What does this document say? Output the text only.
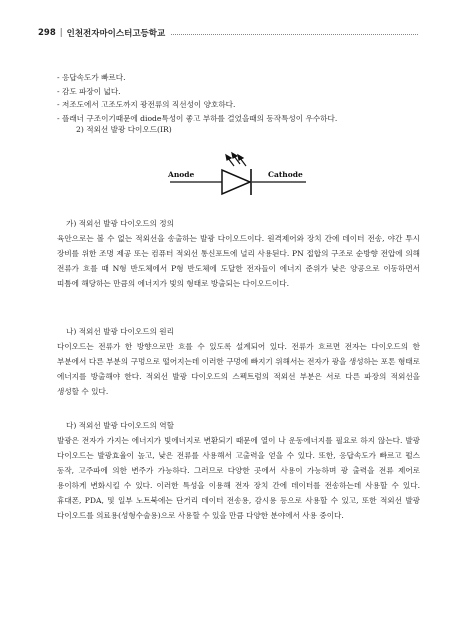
298 | 인천전자마이스터고등학교
- 응답속도가 빠르다.
- 감도 파장이 넓다.
- 저조도에서 고조도까지 광전류의 직선성이 양호하다.
- 플래너 구조이기때문에 diode특성이 좋고 부하를 걸었을때의 동작특성이 우수하다.
2) 적외선 발광 다이오드(IR)
Anode	Cathode
가) 적외선 발광 다이오드의 정의
육안으로는 볼 수 없는 적외선을 송출하는 발광 다이오드이다. 원격제어와 장치 간에 데이터 전송, 야간 투시 장비를 위한 조명 제공 또는 컴퓨터 적외선 통신포트에 널리 사용된다. PN 접합의 구조로 순방향 전압에 의해 전류가 흐를 때 N형 반도체에서 P형 반도체에 도달한 전자들이 에너지 준위가 낮은 양공으로 이동하면서 띠틈에 해당하는 만큼의 에너지가 빛의 형태로 방출되는 다이오드이다.
나) 적외선 발광 다이오드의 원리
다이오드는 전류가 한 방향으로만 흐를 수 있도록 설계되어 있다. 전류가 흐르면 전자는 다이오드의 한 부분에서 다른 부분의 구멍으로 떨어지는데 이러한 구멍에 빠지기 위해서는 전자가 광을 생성하는 포톤 형태로 에너지를 방출해야 한다. 적외선 발광 다이오드의 스펙트럼의 적외선 부분은 서로 다른 파장의 적외선을 생성할 수 있다.
다) 적외선 발광 다이오드의 역할
발광은 전자가 가지는 에너지가 빛에너지로 변환되기 때문에 열이 나 운동에너지를 필요로 하지 않는다. 발광 다이오드는 발광효율이 높고, 낮은 전류를 사용해서 고출력을 얻을 수 있다. 또한, 응답속도가 빠르고 펄스 동작, 고주파에 의한 변주가 가능하다. 그러므로 다양한 곳에서 사용이 가능하며 광 출력을 전류 제어로 용이하게 변화시킬 수 있다. 이러한 특성을 이용해 전자 장치 간에 데이터를 전송하는데 사용할 수 있다. 휴대폰, PDA, 및 일부 노트북에는 단거리 데이터 전송용, 감시용 등으로 사용할 수 있고, 또한 적외선 발광 다이오드를 의료용(성형수술용)으로 사용할 수 있을 만큼 다양한 분야에서 사용 중이다.
